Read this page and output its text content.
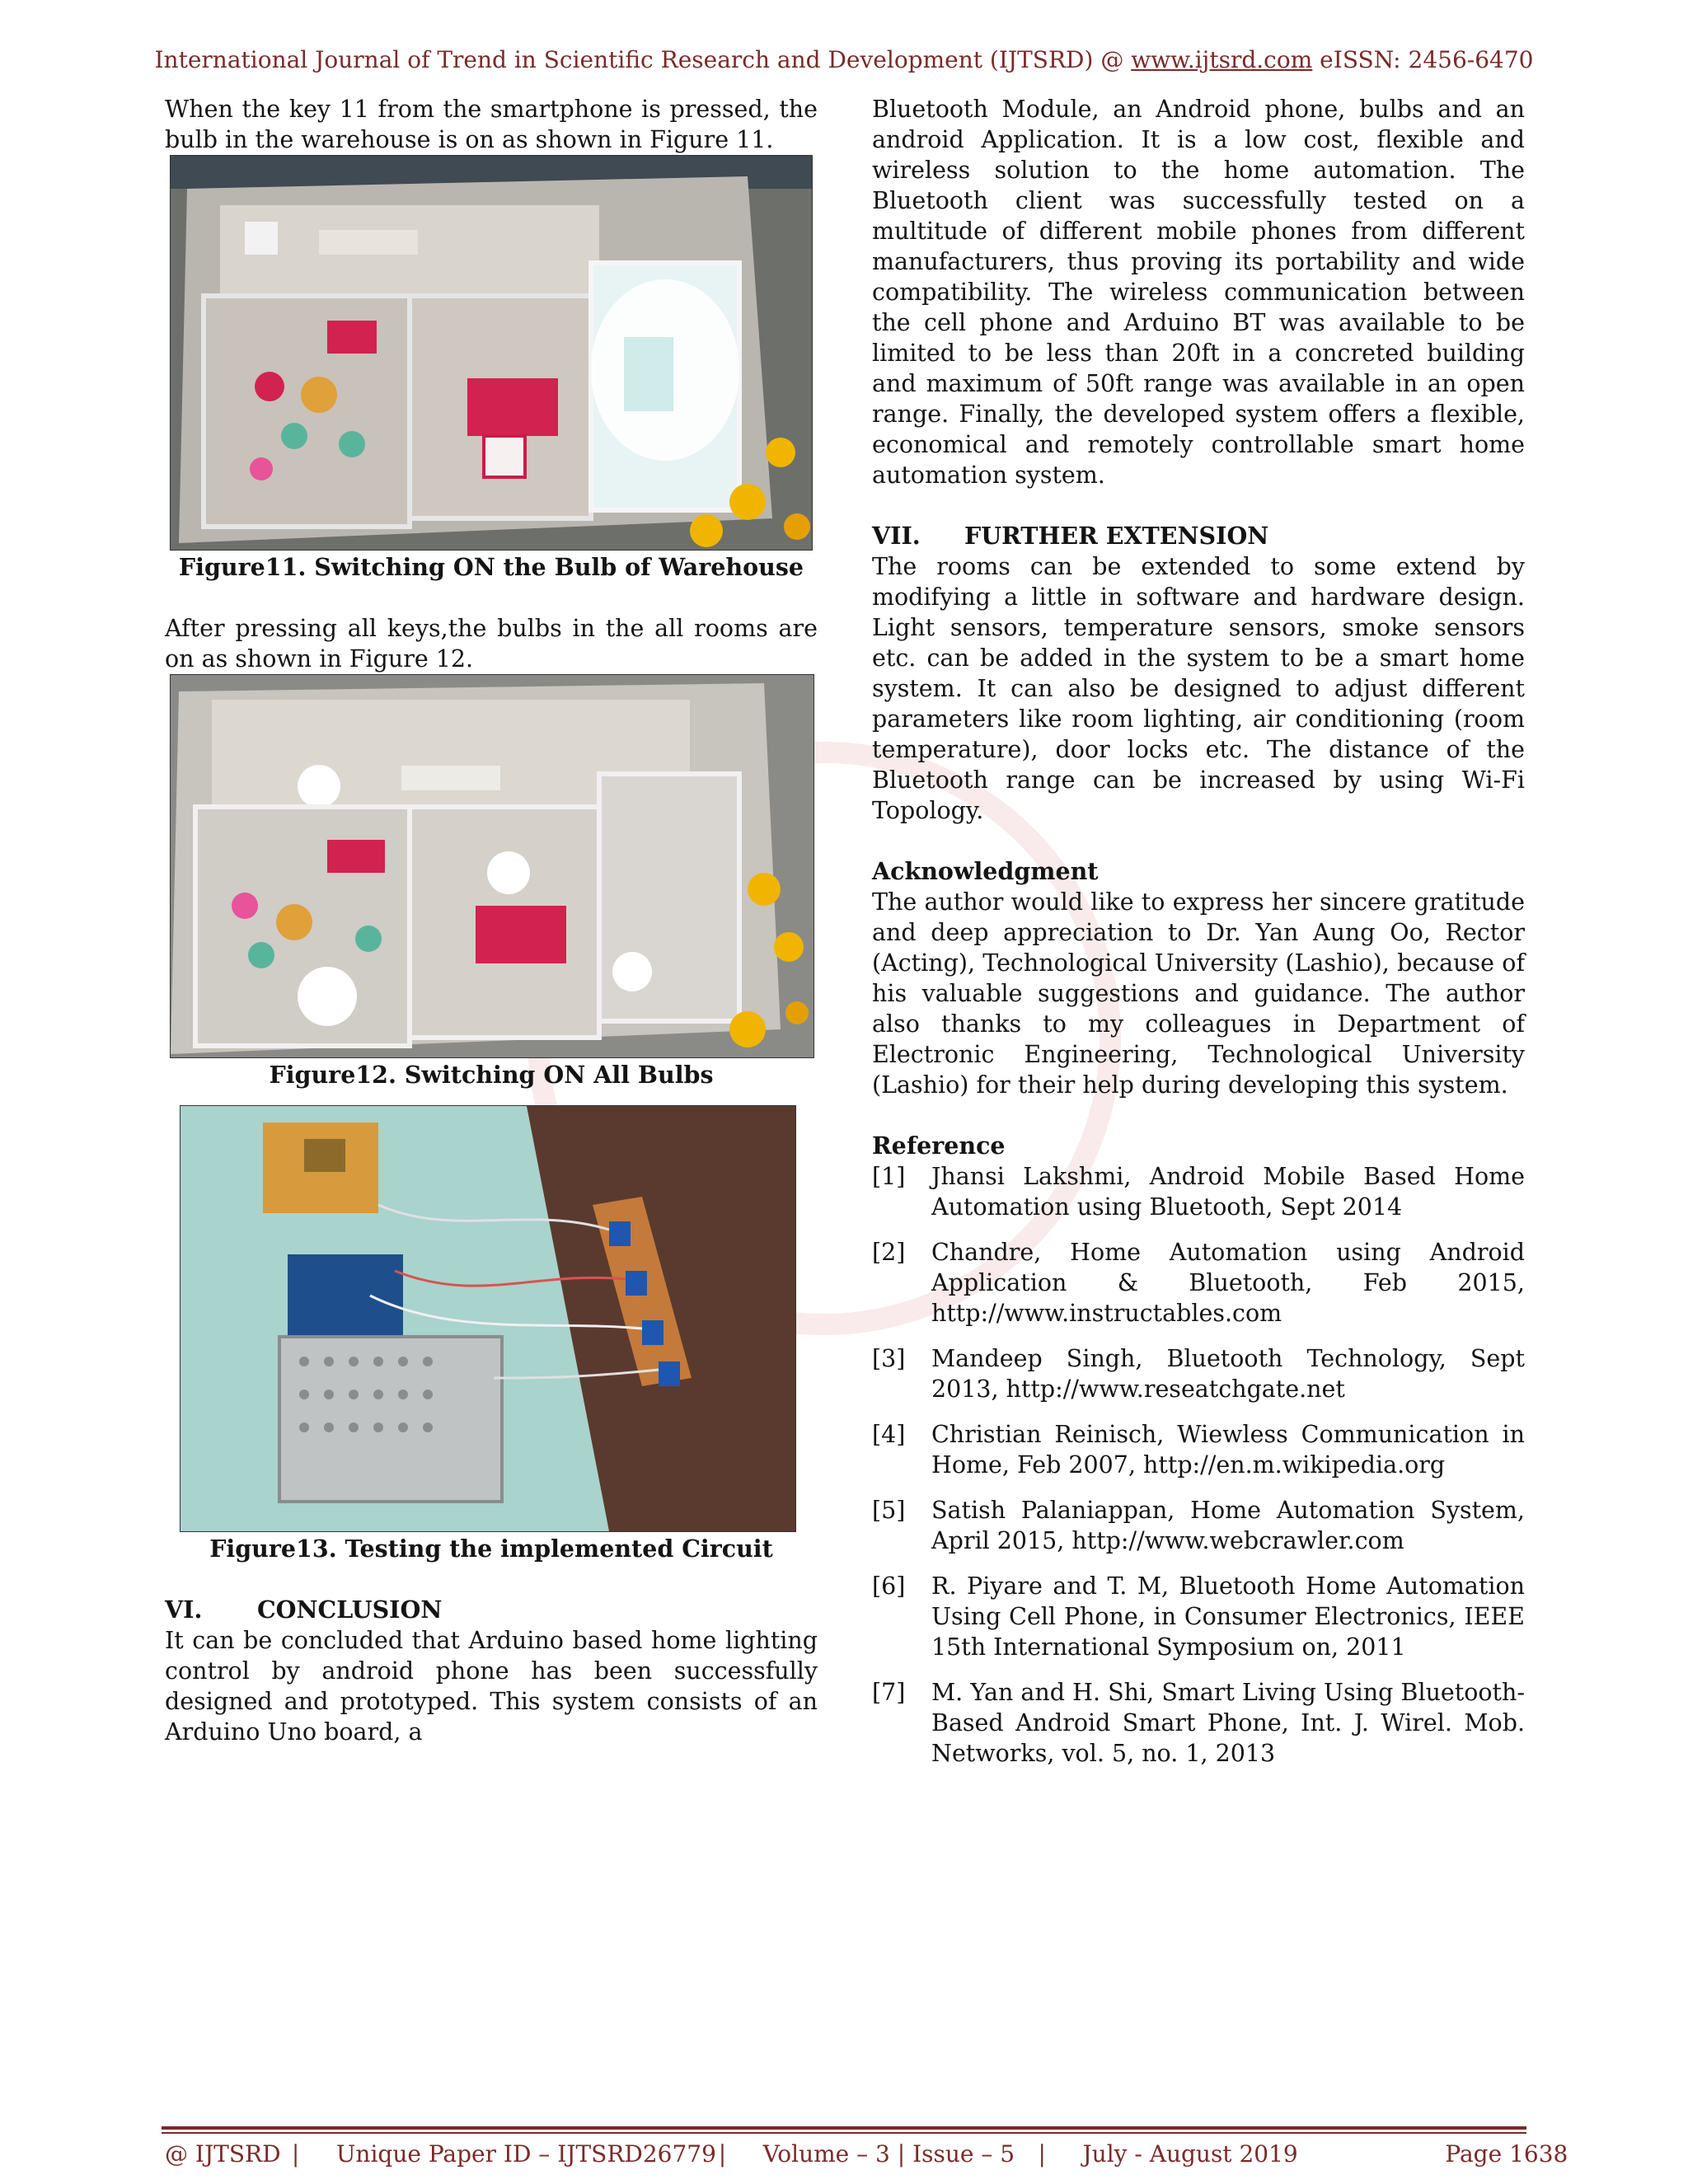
International Journal of Trend in Scientific Research and Development (IJTSRD) @ www.ijtsrd.com eISSN: 2456-6470

When the key 11 from the smartphone is pressed, the bulb in the warehouse is on as shown in Figure 11.

Figure11. Switching ON the Bulb of Warehouse

After pressing all keys,the bulbs in the all rooms are on as shown in Figure 12.

Figure12. Switching ON All Bulbs
Figure13. Testing the implemented Circuit
VI. CONCLUSION

It can be concluded that Arduino based home lighting control by android phone has been successfully designed and prototyped. This system consists of an Arduino Uno board, a

Bluetooth Module, an Android phone, bulbs and an android Application. It is a low cost, flexible and wireless solution to the home automation. The Bluetooth client was successfully tested on a multitude of different mobile phones from different manufacturers, thus proving its portability and wide compatibility. The wireless communication between the cell phone and Arduino BT was available to be limited to be less than 20ft in a concreted building and maximum of 50ft range was available in an open range. Finally, the developed system offers a flexible, economical and remotely controllable smart home automation system.

VII. FURTHER EXTENSION

The rooms can be extended to some extend by modifying a little in software and hardware design. Light sensors, temperature sensors, smoke sensors etc. can be added in the system to be a smart home system. It can also be designed to adjust different parameters like room lighting, air conditioning (room temperature), door locks etc. The distance of the Bluetooth range can be increased by using Wi-Fi Topology.

Acknowledgment

The author would like to express her sincere gratitude and deep appreciation to Dr. Yan Aung Oo, Rector (Acting), Technological University (Lashio), because of his valuable suggestions and guidance. The author also thanks to my colleagues in Department of Electronic Engineering, Technological University (Lashio) for their help during developing this system.

Reference
[1]	Jhansi Lakshmi, Android Mobile Based Home Automation using Bluetooth, Sept 2014
[2]	Chandre, Home Automation using Android Application & Bluetooth, Feb 2015, http://www.instructables.com
[3]	Mandeep Singh, Bluetooth Technology, Sept 2013, http://www.reseatchgate.net
[4]	Christian Reinisch, Wiewless Communication in Home, Feb 2007, http://en.m.wikipedia.org
[5]	Satish Palaniappan, Home Automation System, April 2015, http://www.webcrawler.com
[6]	R. Piyare and T. M, Bluetooth Home Automation Using Cell Phone, in Consumer Electronics, IEEE 15th International Symposium on, 2011
[7]	M. Yan and H. Shi, Smart Living Using Bluetooth-Based Android Smart Phone, Int. J. Wirel. Mob. Networks, vol. 5, no. 1, 2013
@ IJTSRD | Unique Paper ID – IJTSRD26779 | Volume – 3 | Issue – 5 | July - August 2019	Page 1638
